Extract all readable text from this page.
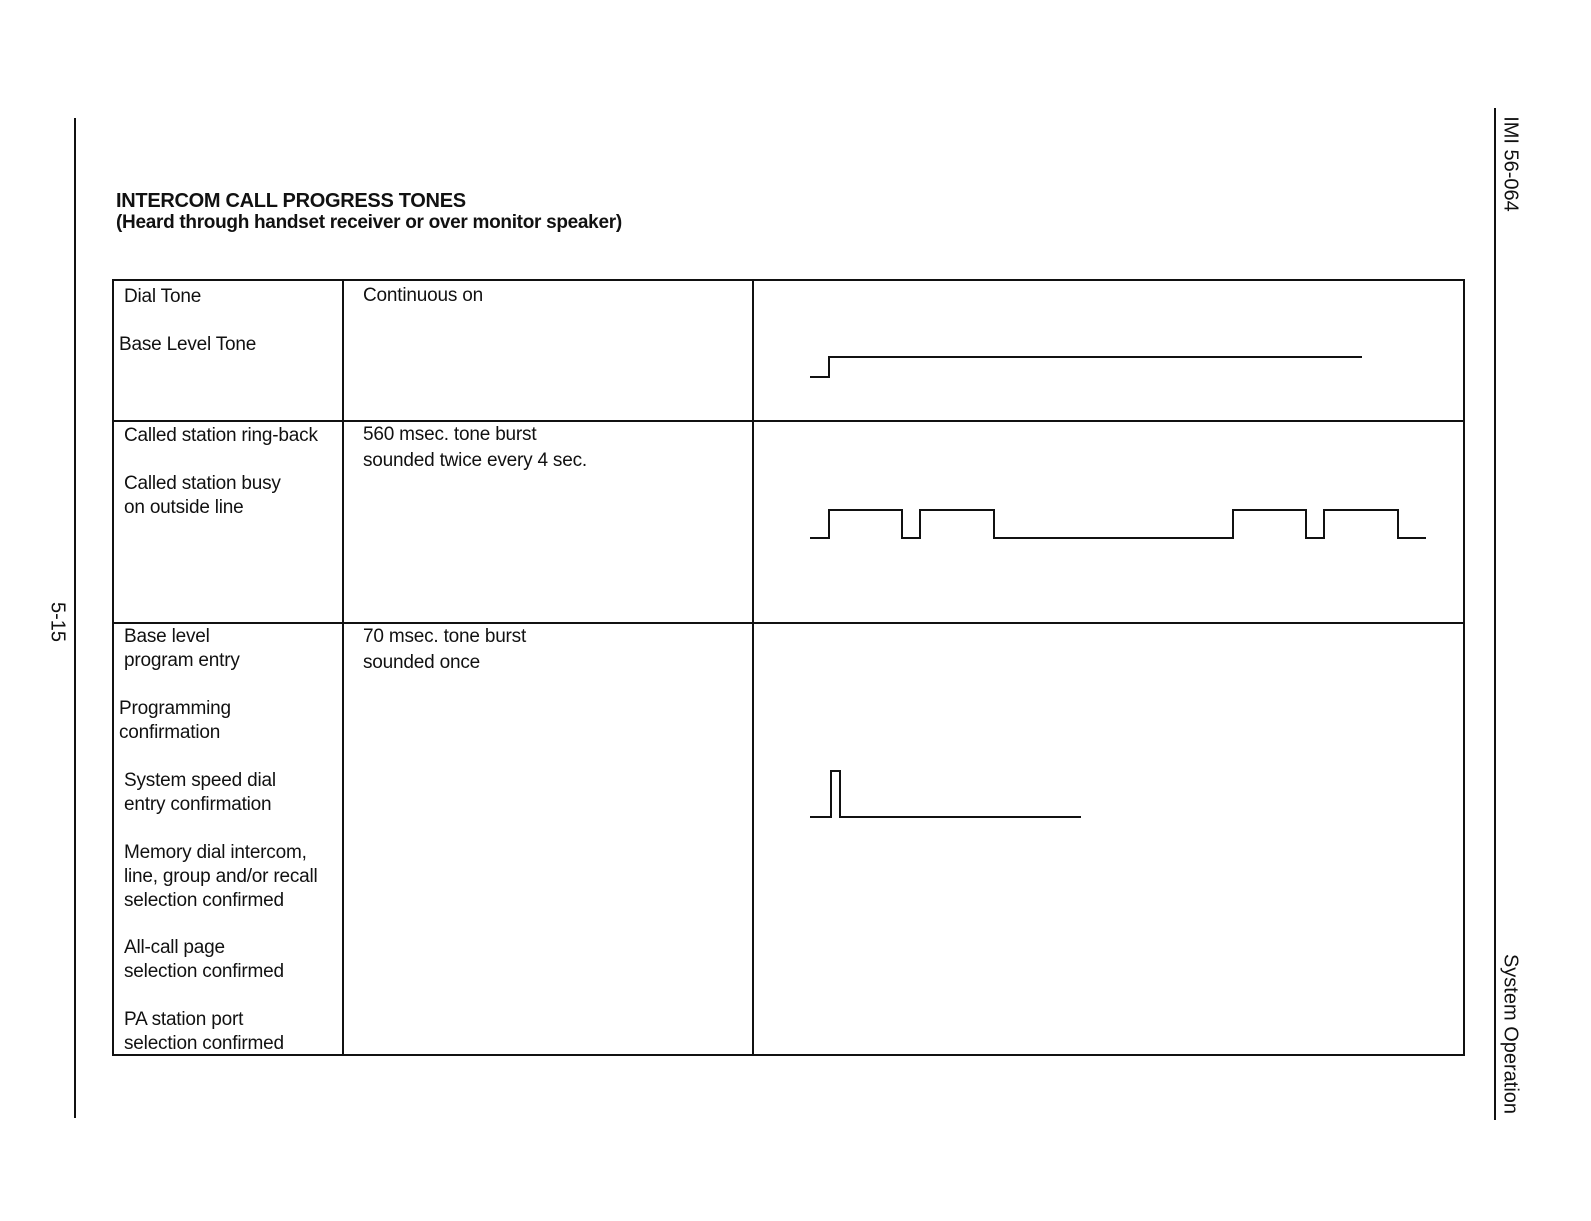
5-15
IMI 56-064
System Operation
INTERCOM CALL PROGRESS TONES
(Heard through handset receiver or over monitor speaker)
Dial Tone
Base Level Tone
Continuous on
Called station ring-back
Called station busy
on outside line
560 msec. tone burst
sounded twice every 4 sec.
Base level
program entry
Programming
confirmation
System speed dial
entry confirmation
Memory dial intercom,
line, group and/or recall
selection confirmed
All-call page
selection confirmed
PA station port
selection confirmed
70 msec. tone burst
sounded once
